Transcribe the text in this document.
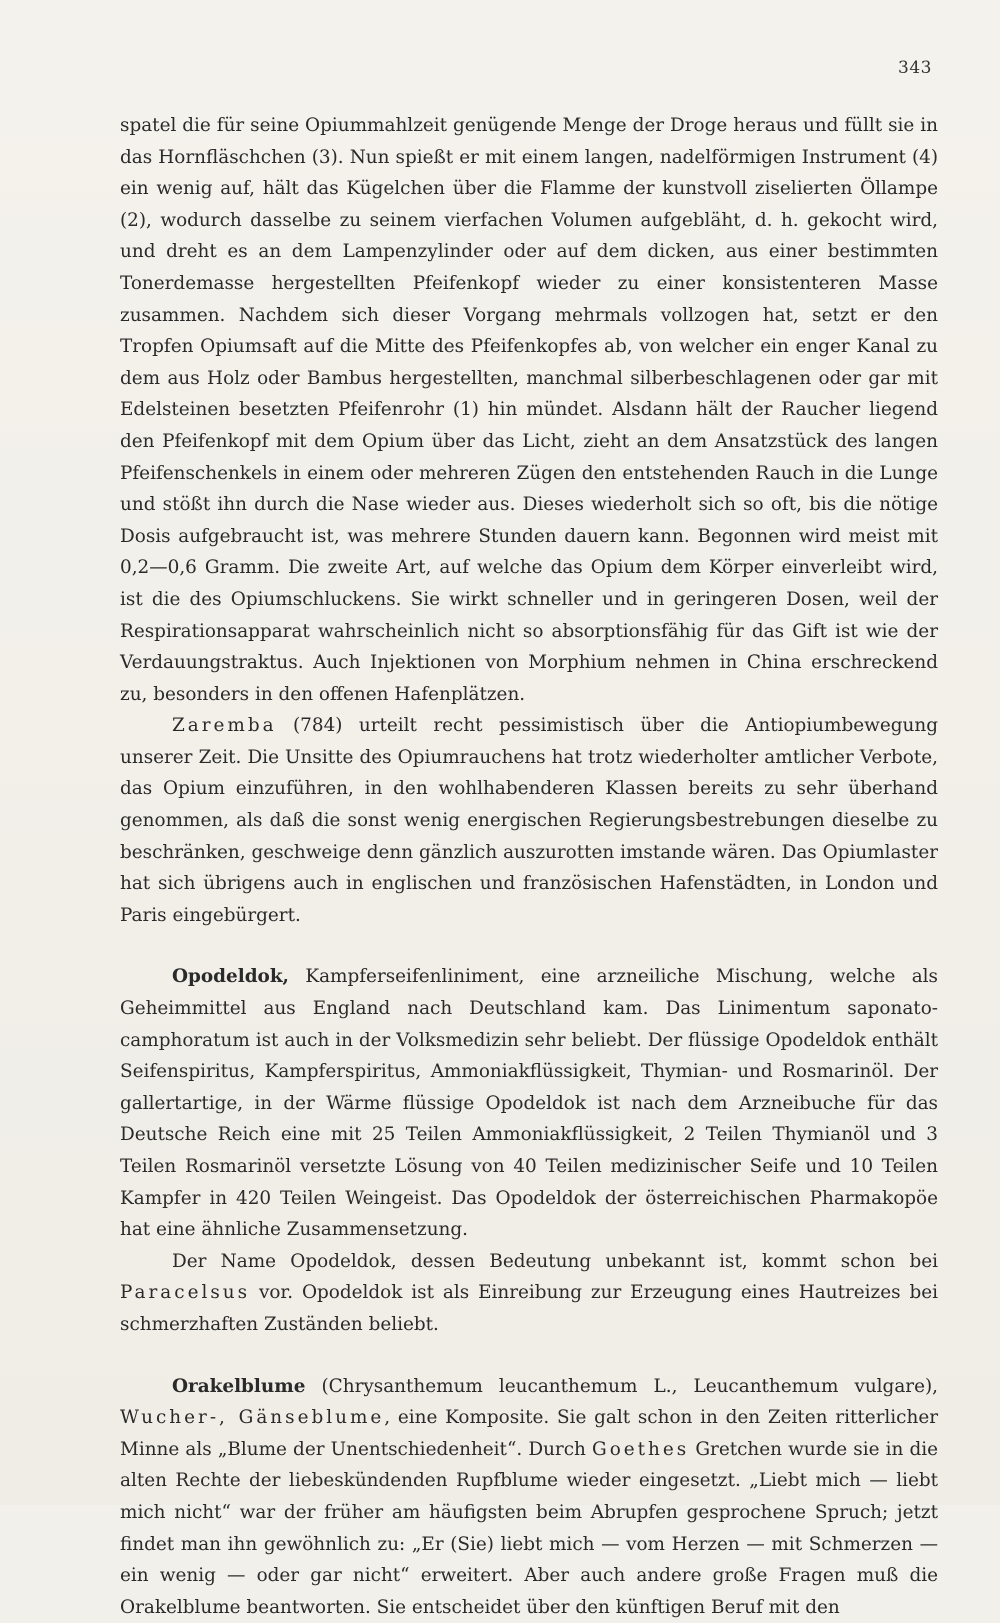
343

spatel die für seine Opiummahlzeit genügende Menge der Droge heraus und füllt sie in das Hornfläschchen (3). Nun spießt er mit einem langen, nadelförmigen Instrument (4) ein wenig auf, hält das Kügelchen über die Flamme der kunstvoll ziselierten Öllampe (2), wodurch dasselbe zu seinem vierfachen Volumen aufgebläht, d. h. gekocht wird, und dreht es an dem Lampenzylinder oder auf dem dicken, aus einer bestimmten Tonerdemasse hergestellten Pfeifenkopf wieder zu einer konsistenteren Masse zusammen. Nachdem sich dieser Vorgang mehrmals vollzogen hat, setzt er den Tropfen Opiumsaft auf die Mitte des Pfeifenkopfes ab, von welcher ein enger Kanal zu dem aus Holz oder Bambus hergestellten, manchmal silberbeschlagenen oder gar mit Edelsteinen besetzten Pfeifenrohr (1) hin mündet. Alsdann hält der Raucher liegend den Pfeifenkopf mit dem Opium über das Licht, zieht an dem Ansatzstück des langen Pfeifenschenkels in einem oder mehreren Zügen den entstehenden Rauch in die Lunge und stößt ihn durch die Nase wieder aus. Dieses wiederholt sich so oft, bis die nötige Dosis aufgebraucht ist, was mehrere Stunden dauern kann. Begonnen wird meist mit 0,2—0,6 Gramm. Die zweite Art, auf welche das Opium dem Körper einverleibt wird, ist die des Opiumschluckens. Sie wirkt schneller und in geringeren Dosen, weil der Respirationsapparat wahrscheinlich nicht so absorptionsfähig für das Gift ist wie der Verdauungstraktus. Auch Injektionen von Morphium nehmen in China erschreckend zu, besonders in den offenen Hafenplätzen.

Zaremba (784) urteilt recht pessimistisch über die Antiopiumbewegung unserer Zeit. Die Unsitte des Opiumrauchens hat trotz wiederholter amtlicher Verbote, das Opium einzuführen, in den wohlhabenderen Klassen bereits zu sehr überhand genommen, als daß die sonst wenig energischen Regierungsbestrebungen dieselbe zu beschränken, geschweige denn gänzlich auszurotten imstande wären. Das Opiumlaster hat sich übrigens auch in englischen und französischen Hafenstädten, in London und Paris eingebürgert.

Opodeldok, Kampferseifenliniment, eine arzneiliche Mischung, welche als Geheimmittel aus England nach Deutschland kam. Das Linimentum saponato-camphoratum ist auch in der Volksmedizin sehr beliebt. Der flüssige Opodeldok enthält Seifenspiritus, Kampferspiritus, Ammoniakflüssigkeit, Thymian- und Rosmarinöl. Der gallertartige, in der Wärme flüssige Opodeldok ist nach dem Arzneibuche für das Deutsche Reich eine mit 25 Teilen Ammoniakflüssigkeit, 2 Teilen Thymianöl und 3 Teilen Rosmarinöl versetzte Lösung von 40 Teilen medizinischer Seife und 10 Teilen Kampfer in 420 Teilen Weingeist. Das Opodeldok der österreichischen Pharmakopöe hat eine ähnliche Zusammensetzung.

Der Name Opodeldok, dessen Bedeutung unbekannt ist, kommt schon bei Paracelsus vor. Opodeldok ist als Einreibung zur Erzeugung eines Hautreizes bei schmerzhaften Zuständen beliebt.

Orakelblume (Chrysanthemum leucanthemum L., Leucanthemum vulgare), Wucher-, Gänseblume, eine Komposite. Sie galt schon in den Zeiten ritterlicher Minne als „Blume der Unentschiedenheit“. Durch Goethes Gretchen wurde sie in die alten Rechte der liebeskündenden Rupfblume wieder eingesetzt. „Liebt mich — liebt mich nicht“ war der früher am häufigsten beim Abrupfen gesprochene Spruch; jetzt findet man ihn gewöhnlich zu: „Er (Sie) liebt mich — vom Herzen — mit Schmerzen — ein wenig — oder gar nicht“ erweitert. Aber auch andere große Fragen muß die Orakelblume beantworten. Sie entscheidet über den künftigen Beruf mit den
